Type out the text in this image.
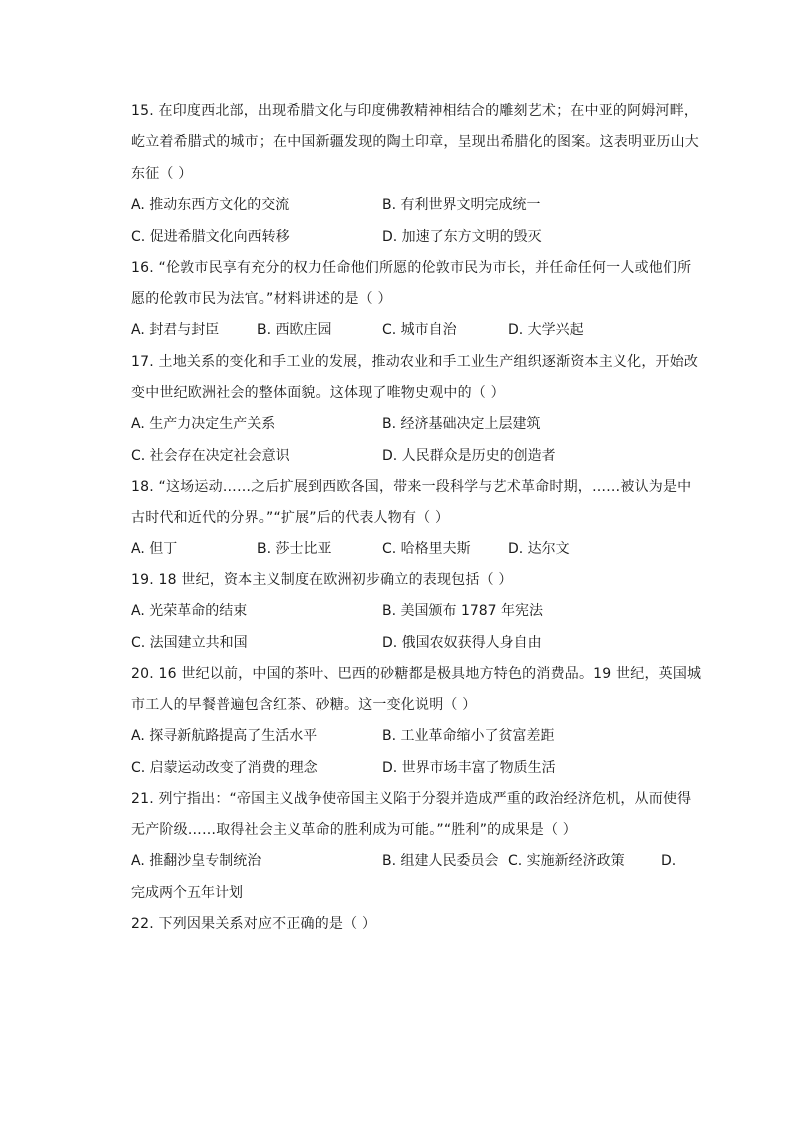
15. 在印度西北部，出现希腊文化与印度佛教精神相结合的雕刻艺术；在中亚的阿姆河畔，
屹立着希腊式的城市；在中国新疆发现的陶土印章，呈现出希腊化的图案。这表明亚历山大
东征（ ）
A. 推动东西方文化的交流	B. 有利世界文明完成统一
C. 促进希腊文化向西转移	D. 加速了东方文明的毁灭
16. “伦敦市民享有充分的权力任命他们所愿的伦敦市民为市长，并任命任何一人或他们所
愿的伦敦市民为法官。”材料讲述的是（ ）
A. 封君与封臣	B. 西欧庄园	C. 城市自治	D. 大学兴起
17. 土地关系的变化和手工业的发展，推动农业和手工业生产组织逐渐资本主义化，开始改
变中世纪欧洲社会的整体面貌。这体现了唯物史观中的（ ）
A. 生产力决定生产关系	B. 经济基础决定上层建筑
C. 社会存在决定社会意识	D. 人民群众是历史的创造者
18. “这场运动……之后扩展到西欧各国，带来一段科学与艺术革命时期，……被认为是中
古时代和近代的分界。”“扩展”后的代表人物有（ ）
A. 但丁	B. 莎士比亚	C. 哈格里夫斯	D. 达尔文
19. 18 世纪，资本主义制度在欧洲初步确立的表现包括（ ）
A. 光荣革命的结束	B. 美国颁布 1787 年宪法
C. 法国建立共和国	D. 俄国农奴获得人身自由
20. 16 世纪以前，中国的茶叶、巴西的砂糖都是极具地方特色的消费品。19 世纪，英国城
市工人的早餐普遍包含红茶、砂糖。这一变化说明（ ）
A. 探寻新航路提高了生活水平	B. 工业革命缩小了贫富差距
C. 启蒙运动改变了消费的理念	D. 世界市场丰富了物质生活
21. 列宁指出：“帝国主义战争使帝国主义陷于分裂并造成严重的政治经济危机，从而使得
无产阶级……取得社会主义革命的胜利成为可能。”“胜利”的成果是（ ）
A. 推翻沙皇专制统治	B. 组建人民委员会 C. 实施新经济政策	D.
完成两个五年计划
22. 下列因果关系对应不正确的是（ ）
